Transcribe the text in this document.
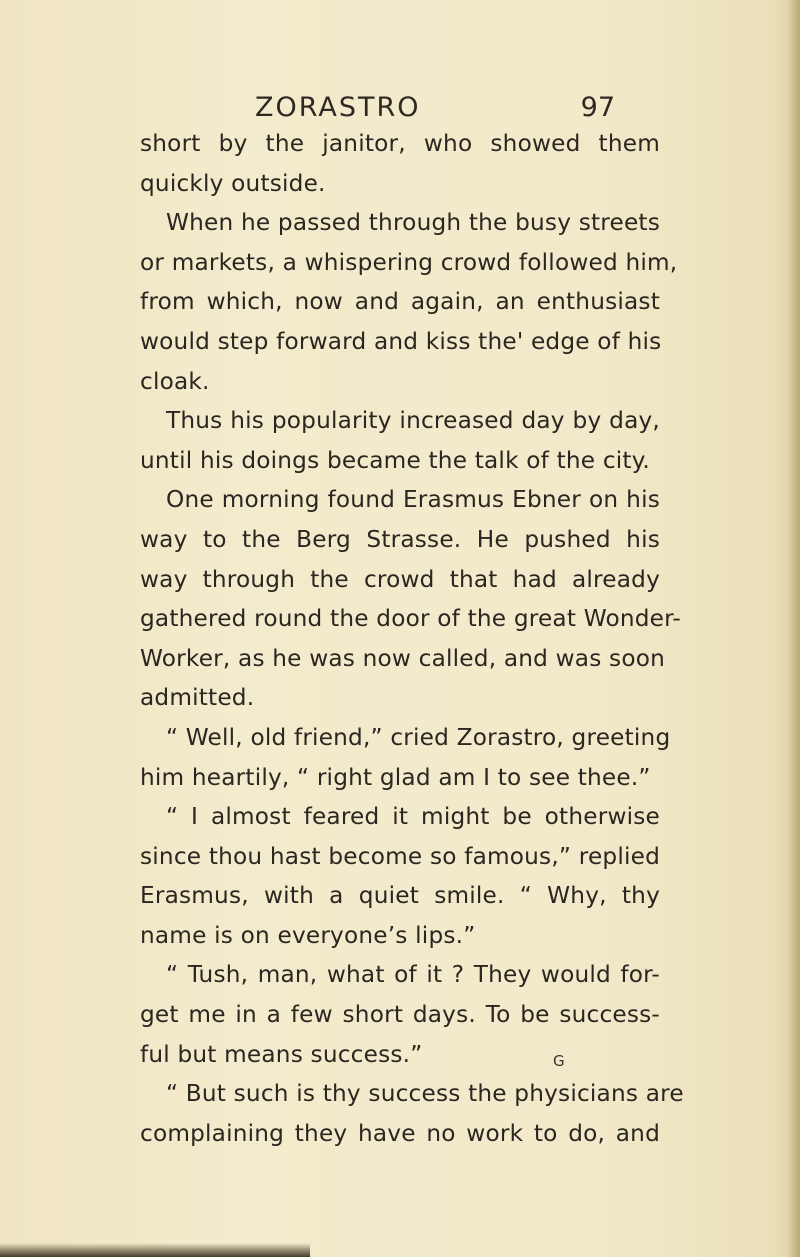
ZORASTRO	97
short by the janitor, who showed them
quickly outside.
When he passed through the busy streets
or markets, a whispering crowd followed him,
from which, now and again, an enthusiast
would step forward and kiss the' edge of his
cloak.
Thus his popularity increased day by day,
until his doings became the talk of the city.
One morning found Erasmus Ebner on his
way to the Berg Strasse. He pushed his
way through the crowd that had already
gathered round the door of the great Wonder-
Worker, as he was now called, and was soon
admitted.
“ Well, old friend,” cried Zorastro, greeting
him heartily, “ right glad am I to see thee.”
“ I almost feared it might be otherwise
since thou hast become so famous,” replied
Erasmus, with a quiet smile. “ Why, thy
name is on everyone’s lips.”
“ Tush, man, what of it ? They would for-
get me in a few short days. To be success-
ful but means success.”
“ But such is thy success the physicians are
complaining they have no work to do, and
G
